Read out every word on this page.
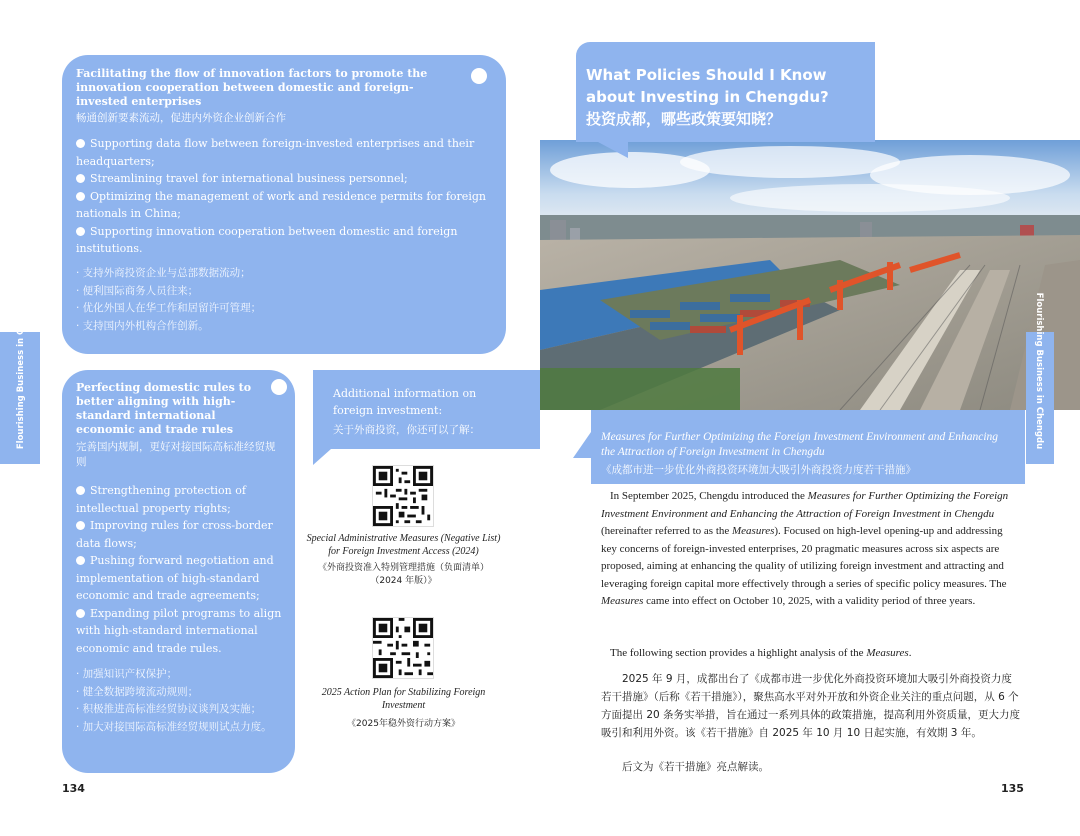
Facilitating the flow of innovation factors to promote the innovation cooperation between domestic and foreign-invested enterprises
畅通创新要素流动，促进内外资企业创新合作
Supporting data flow between foreign-invested enterprises and their headquarters;
Streamlining travel for international business personnel;
Optimizing the management of work and residence permits for foreign nationals in China;
Supporting innovation cooperation between domestic and foreign institutions.
· 支持外商投资企业与总部数据流动；
· 便利国际商务人员往来；
· 优化外国人在华工作和居留许可管理；
· 支持国内外机构合作创新。
兴业·成都 Flourishing Business in Chengdu	Perfecting domestic rules to better aligning with high-standard international economic and trade rules
完善国内规制，更好对接国际高标准经贸规则
Strengthening protection of intellectual property rights;
Improving rules for cross-border data flows;
Pushing forward negotiation and implementation of high-standard economic and trade agreements;
Expanding pilot programs to align with high-standard international economic and trade rules.
· 加强知识产权保护；
· 健全数据跨境流动规则；
· 积极推进高标准经贸协议谈判及实施；
· 加大对接国际高标准经贸规则试点力度。
Additional information on foreign investment:
关于外商投资，你还可以了解：
Special Administrative Measures (Negative List) for Foreign Investment Access (2024)
《外商投资准入特别管理措施（负面清单）（2024 年版）》
2025 Action Plan for Stabilizing Foreign Investment
《2025年稳外资行动方案》
134
What Policies Should I Know about Investing in Chengdu?
投资成都，哪些政策要知晓？
Measures for Further Optimizing the Foreign Investment Environment and Enhancing the Attraction of Foreign Investment in Chengdu
《成都市进一步优化外商投资环境加大吸引外商投资力度若干措施》
Flourishing Business in Chengdu 兴业·成都
In September 2025, Chengdu introduced the Measures for Further Optimizing the Foreign Investment Environment and Enhancing the Attraction of Foreign Investment in Chengdu (hereinafter referred to as the Measures). Focused on high-level opening-up and addressing key concerns of foreign-invested enterprises, 20 pragmatic measures across six aspects are proposed, aiming at enhancing the quality of utilizing foreign investment and attracting and leveraging foreign capital more effectively through a series of specific policy measures. The Measures came into effect on October 10, 2025, with a validity period of three years.
The following section provides a highlight analysis of the Measures.
2025 年 9 月，成都出台了《成都市进一步优化外商投资环境加大吸引外商投资力度若干措施》（后称《若干措施》），聚焦高水平对外开放和外资企业关注的重点问题，从 6 个方面提出 20 条务实举措，旨在通过一系列具体的政策措施，提高利用外资质量，更大力度吸引和利用外资。该《若干措施》自 2025 年 10 月 10 日起实施，有效期 3 年。
后文为《若干措施》亮点解读。
135
